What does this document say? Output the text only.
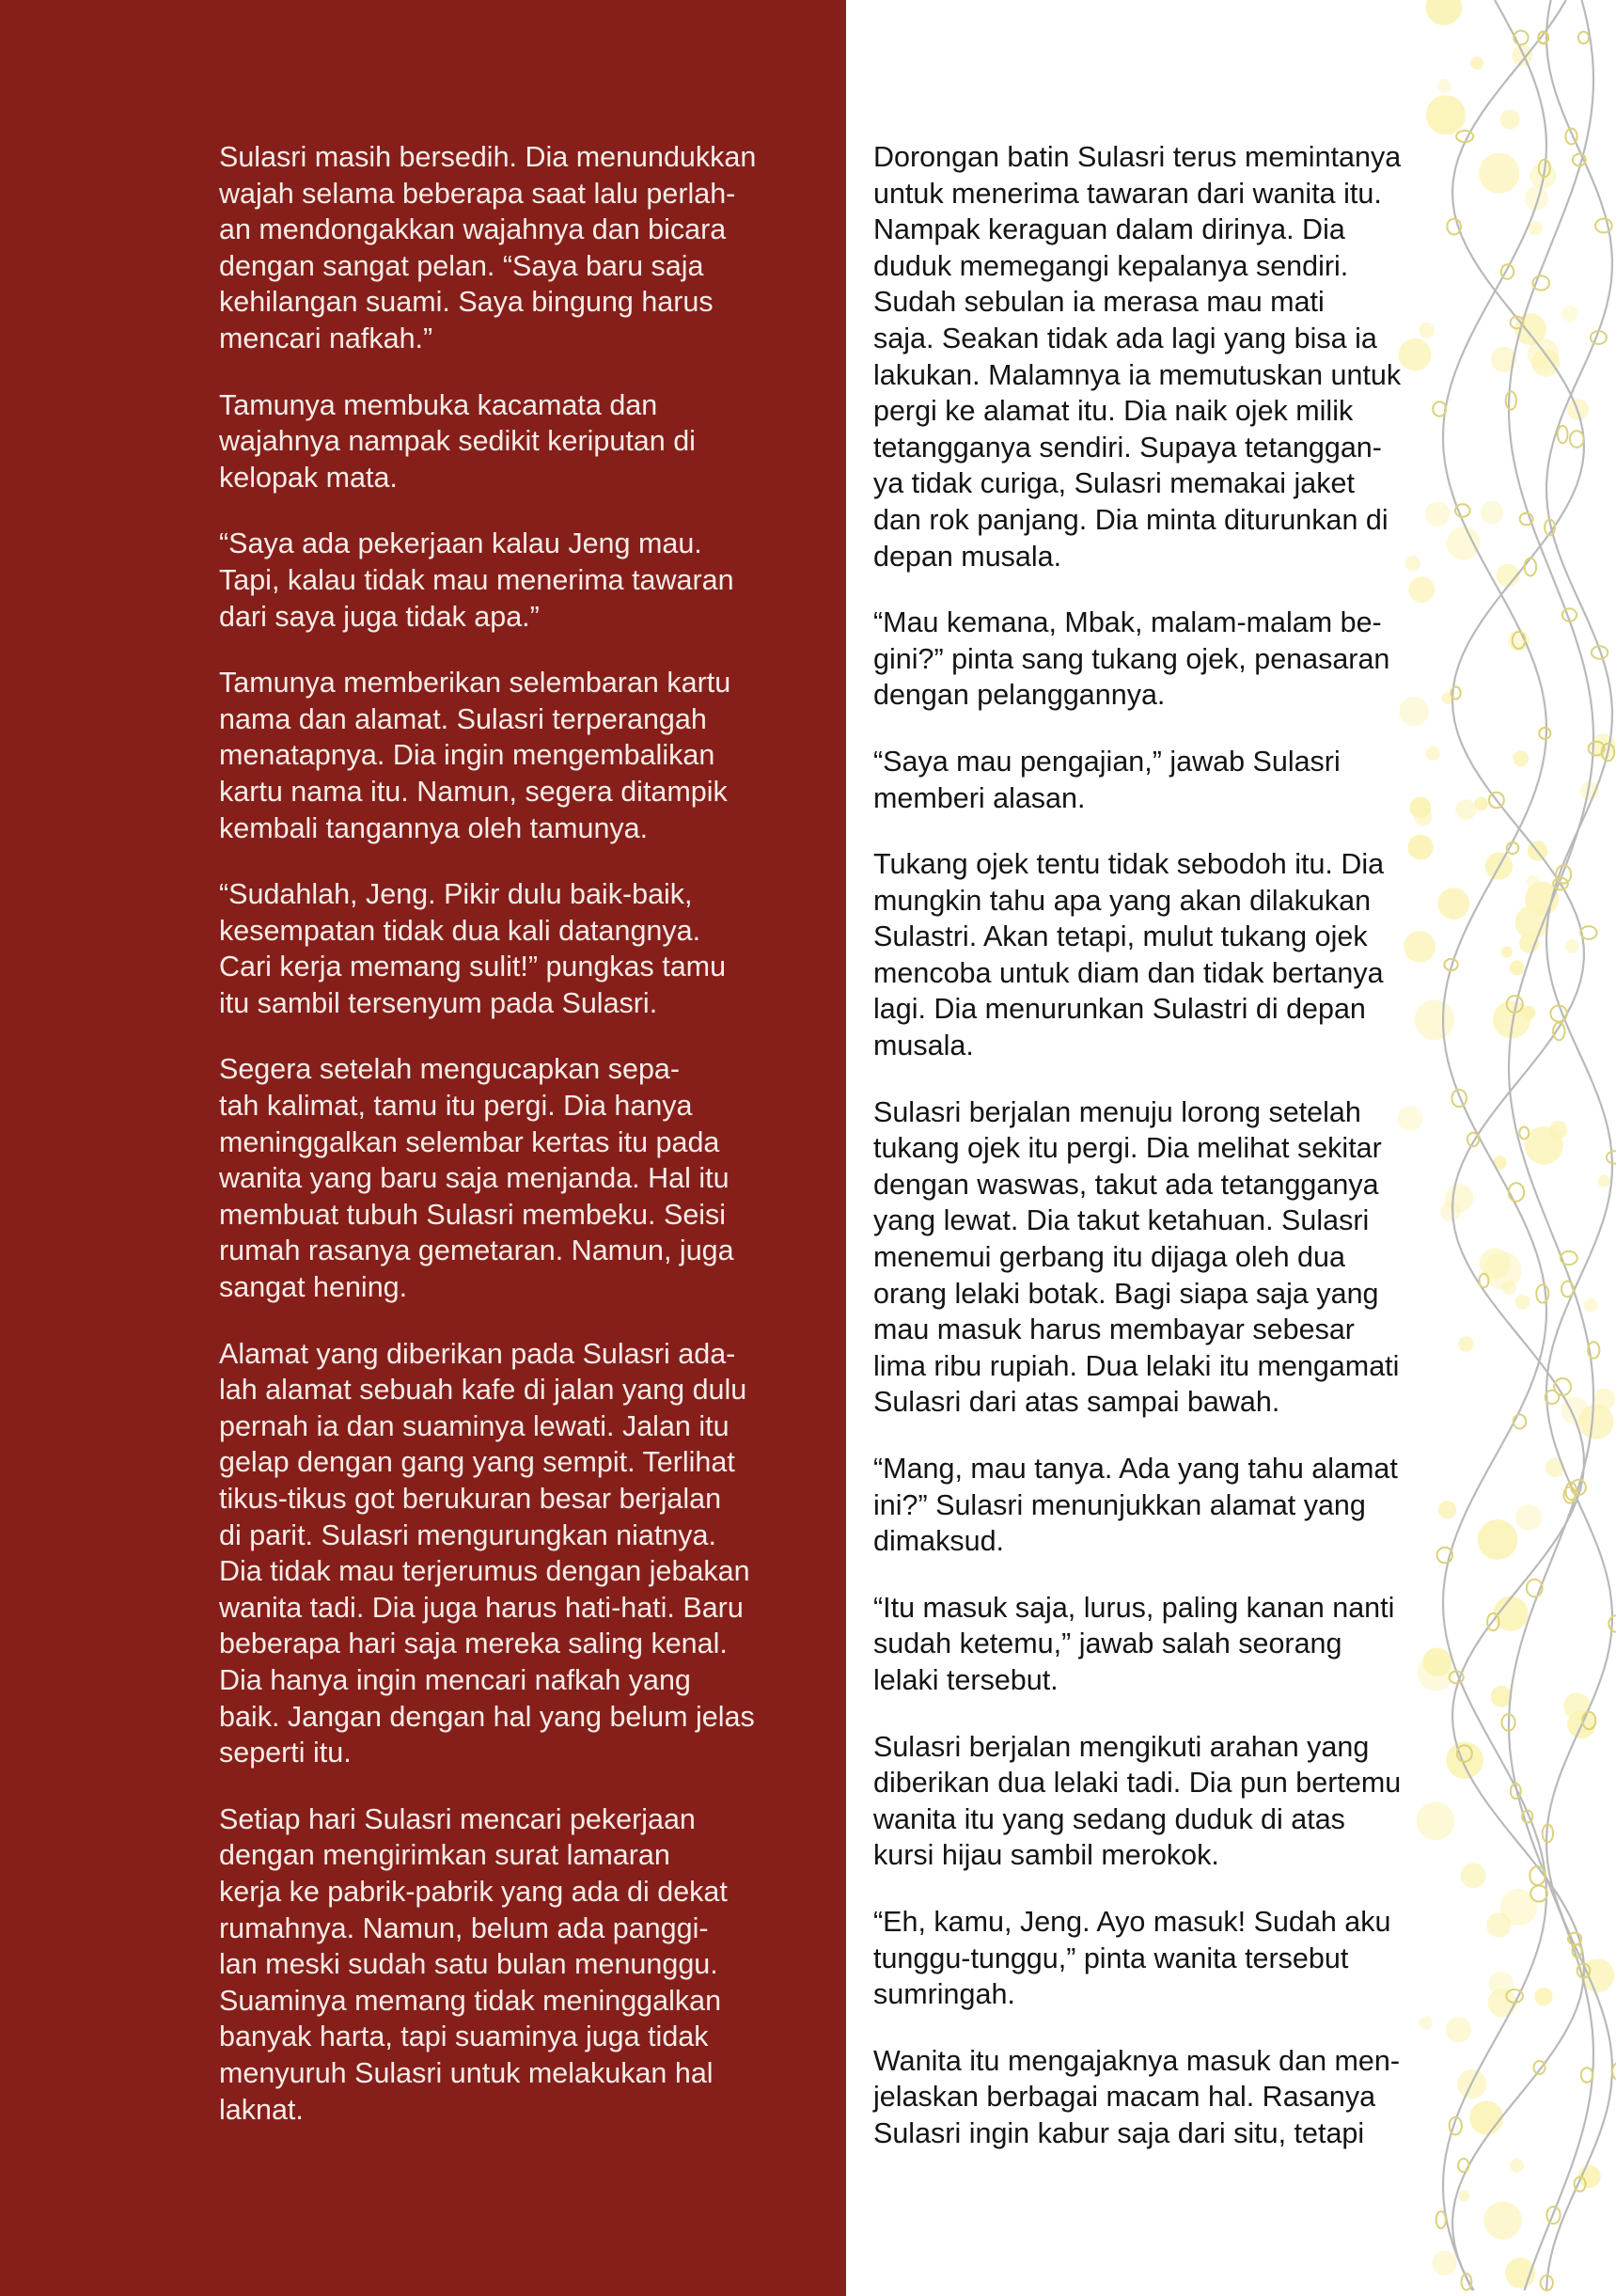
Sulasri masih bersedih. Dia menundukkan
wajah selama beberapa saat lalu perlah-
an mendongakkan wajahnya dan bicara
dengan sangat pelan. “Saya baru saja
kehilangan suami. Saya bingung harus
mencari nafkah.”

Tamunya membuka kacamata dan
wajahnya nampak sedikit keriputan di
kelopak mata.

“Saya ada pekerjaan kalau Jeng mau.
Tapi, kalau tidak mau menerima tawaran
dari saya juga tidak apa.”

Tamunya memberikan selembaran kartu
nama dan alamat. Sulasri terperangah
menatapnya. Dia ingin mengembalikan
kartu nama itu. Namun, segera ditampik
kembali tangannya oleh tamunya.

“Sudahlah, Jeng. Pikir dulu baik-baik,
kesempatan tidak dua kali datangnya.
Cari kerja memang sulit!” pungkas tamu
itu sambil tersenyum pada Sulasri.

Segera setelah mengucapkan sepa-
tah kalimat, tamu itu pergi. Dia hanya
meninggalkan selembar kertas itu pada
wanita yang baru saja menjanda. Hal itu
membuat tubuh Sulasri membeku. Seisi
rumah rasanya gemetaran. Namun, juga
sangat hening.

Alamat yang diberikan pada Sulasri ada-
lah alamat sebuah kafe di jalan yang dulu
pernah ia dan suaminya lewati. Jalan itu
gelap dengan gang yang sempit. Terlihat
tikus-tikus got berukuran besar berjalan
di parit. Sulasri mengurungkan niatnya.
Dia tidak mau terjerumus dengan jebakan
wanita tadi. Dia juga harus hati-hati. Baru
beberapa hari saja mereka saling kenal.
Dia hanya ingin mencari nafkah yang
baik. Jangan dengan hal yang belum jelas
seperti itu.

Setiap hari Sulasri mencari pekerjaan
dengan mengirimkan surat lamaran
kerja ke pabrik-pabrik yang ada di dekat
rumahnya. Namun, belum ada panggi-
lan meski sudah satu bulan menunggu.
Suaminya memang tidak meninggalkan
banyak harta, tapi suaminya juga tidak
menyuruh Sulasri untuk melakukan hal
laknat.

Dorongan batin Sulasri terus memintanya
untuk menerima tawaran dari wanita itu.
Nampak keraguan dalam dirinya. Dia
duduk memegangi kepalanya sendiri.
Sudah sebulan ia merasa mau mati
saja. Seakan tidak ada lagi yang bisa ia
lakukan. Malamnya ia memutuskan untuk
pergi ke alamat itu. Dia naik ojek milik
tetangganya sendiri. Supaya tetanggan-
ya tidak curiga, Sulasri memakai jaket
dan rok panjang. Dia minta diturunkan di
depan musala.

“Mau kemana, Mbak, malam-malam be-
gini?” pinta sang tukang ojek, penasaran
dengan pelanggannya.

“Saya mau pengajian,” jawab Sulasri
memberi alasan.

Tukang ojek tentu tidak sebodoh itu. Dia
mungkin tahu apa yang akan dilakukan
Sulastri. Akan tetapi, mulut tukang ojek
mencoba untuk diam dan tidak bertanya
lagi. Dia menurunkan Sulastri di depan
musala.

Sulasri berjalan menuju lorong setelah
tukang ojek itu pergi. Dia melihat sekitar
dengan waswas, takut ada tetangganya
yang lewat. Dia takut ketahuan. Sulasri
menemui gerbang itu dijaga oleh dua
orang lelaki botak. Bagi siapa saja yang
mau masuk harus membayar sebesar
lima ribu rupiah. Dua lelaki itu mengamati
Sulasri dari atas sampai bawah.

“Mang, mau tanya. Ada yang tahu alamat
ini?” Sulasri menunjukkan alamat yang
dimaksud.

“Itu masuk saja, lurus, paling kanan nanti
sudah ketemu,” jawab salah seorang
lelaki tersebut.

Sulasri berjalan mengikuti arahan yang
diberikan dua lelaki tadi. Dia pun bertemu
wanita itu yang sedang duduk di atas
kursi hijau sambil merokok.

“Eh, kamu, Jeng. Ayo masuk! Sudah aku
tunggu-tunggu,” pinta wanita tersebut
sumringah.

Wanita itu mengajaknya masuk dan men-
jelaskan berbagai macam hal. Rasanya
Sulasri ingin kabur saja dari situ, tetapi
